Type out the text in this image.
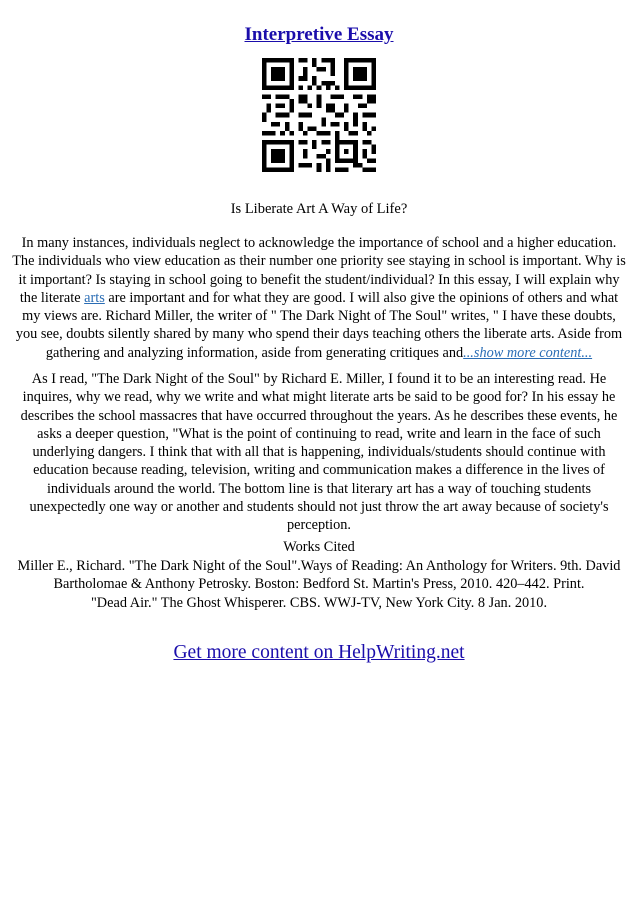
Interpretive Essay

Is Liberate Art A Way of Life?

In many instances, individuals neglect to acknowledge the importance of school and a higher education. The individuals who view education as their number one priority see staying in school is important. Why is it important? Is staying in school going to benefit the student/individual? In this essay, I will explain why the literate arts are important and for what they are good. I will also give the opinions of others and what my views are. Richard Miller, the writer of " The Dark Night of The Soul" writes, " I have these doubts, you see, doubts silently shared by many who spend their days teaching others the liberate arts. Aside from gathering and analyzing information, aside from generating critiques and...show more content...

As I read, "The Dark Night of the Soul" by Richard E. Miller, I found it to be an interesting read. He inquires, why we read, why we write and what might literate arts be said to be good for? In his essay he describes the school massacres that have occurred throughout the years. As he describes these events, he asks a deeper question, "What is the point of continuing to read, write and learn in the face of such underlying dangers. I think that with all that is happening, individuals/students should continue with education because reading, television, writing and communication makes a difference in the lives of individuals around the world. The bottom line is that literary art has a way of touching students unexpectedly one way or another and students should not just throw the art away because of society's perception.

Works Cited
Miller E., Richard. "The Dark Night of the Soul".Ways of Reading: An Anthology for Writers. 9th. David Bartholomae & Anthony Petrosky. Boston: Bedford St. Martin's Press, 2010. 420–442. Print.
"Dead Air." The Ghost Whisperer. CBS. WWJ-TV, New York City. 8 Jan. 2010.

Get more content on HelpWriting.net
